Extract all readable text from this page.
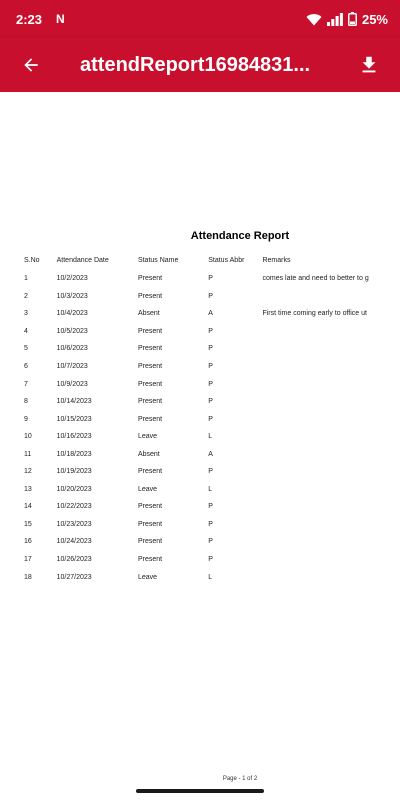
2:23 N	25%
attendReport16984831...
Attendance Report
S.No	Attendance Date	Status Name	Status Abbr	Remarks
1	10/2/2023	Present	P	comes late and need to better to g
2	10/3/2023	Present	P	
3	10/4/2023	Absent	A	First time coming early to office ut
4	10/5/2023	Present	P	
5	10/6/2023	Present	P	
6	10/7/2023	Present	P	
7	10/9/2023	Present	P	
8	10/14/2023	Present	P	
9	10/15/2023	Present	P	
10	10/16/2023	Leave	L	
11	10/18/2023	Absent	A	
12	10/19/2023	Present	P	
13	10/20/2023	Leave	L	
14	10/22/2023	Present	P	
15	10/23/2023	Present	P	
16	10/24/2023	Present	P	
17	10/26/2023	Present	P	
18	10/27/2023	Leave	L	
Page - 1 of 2
